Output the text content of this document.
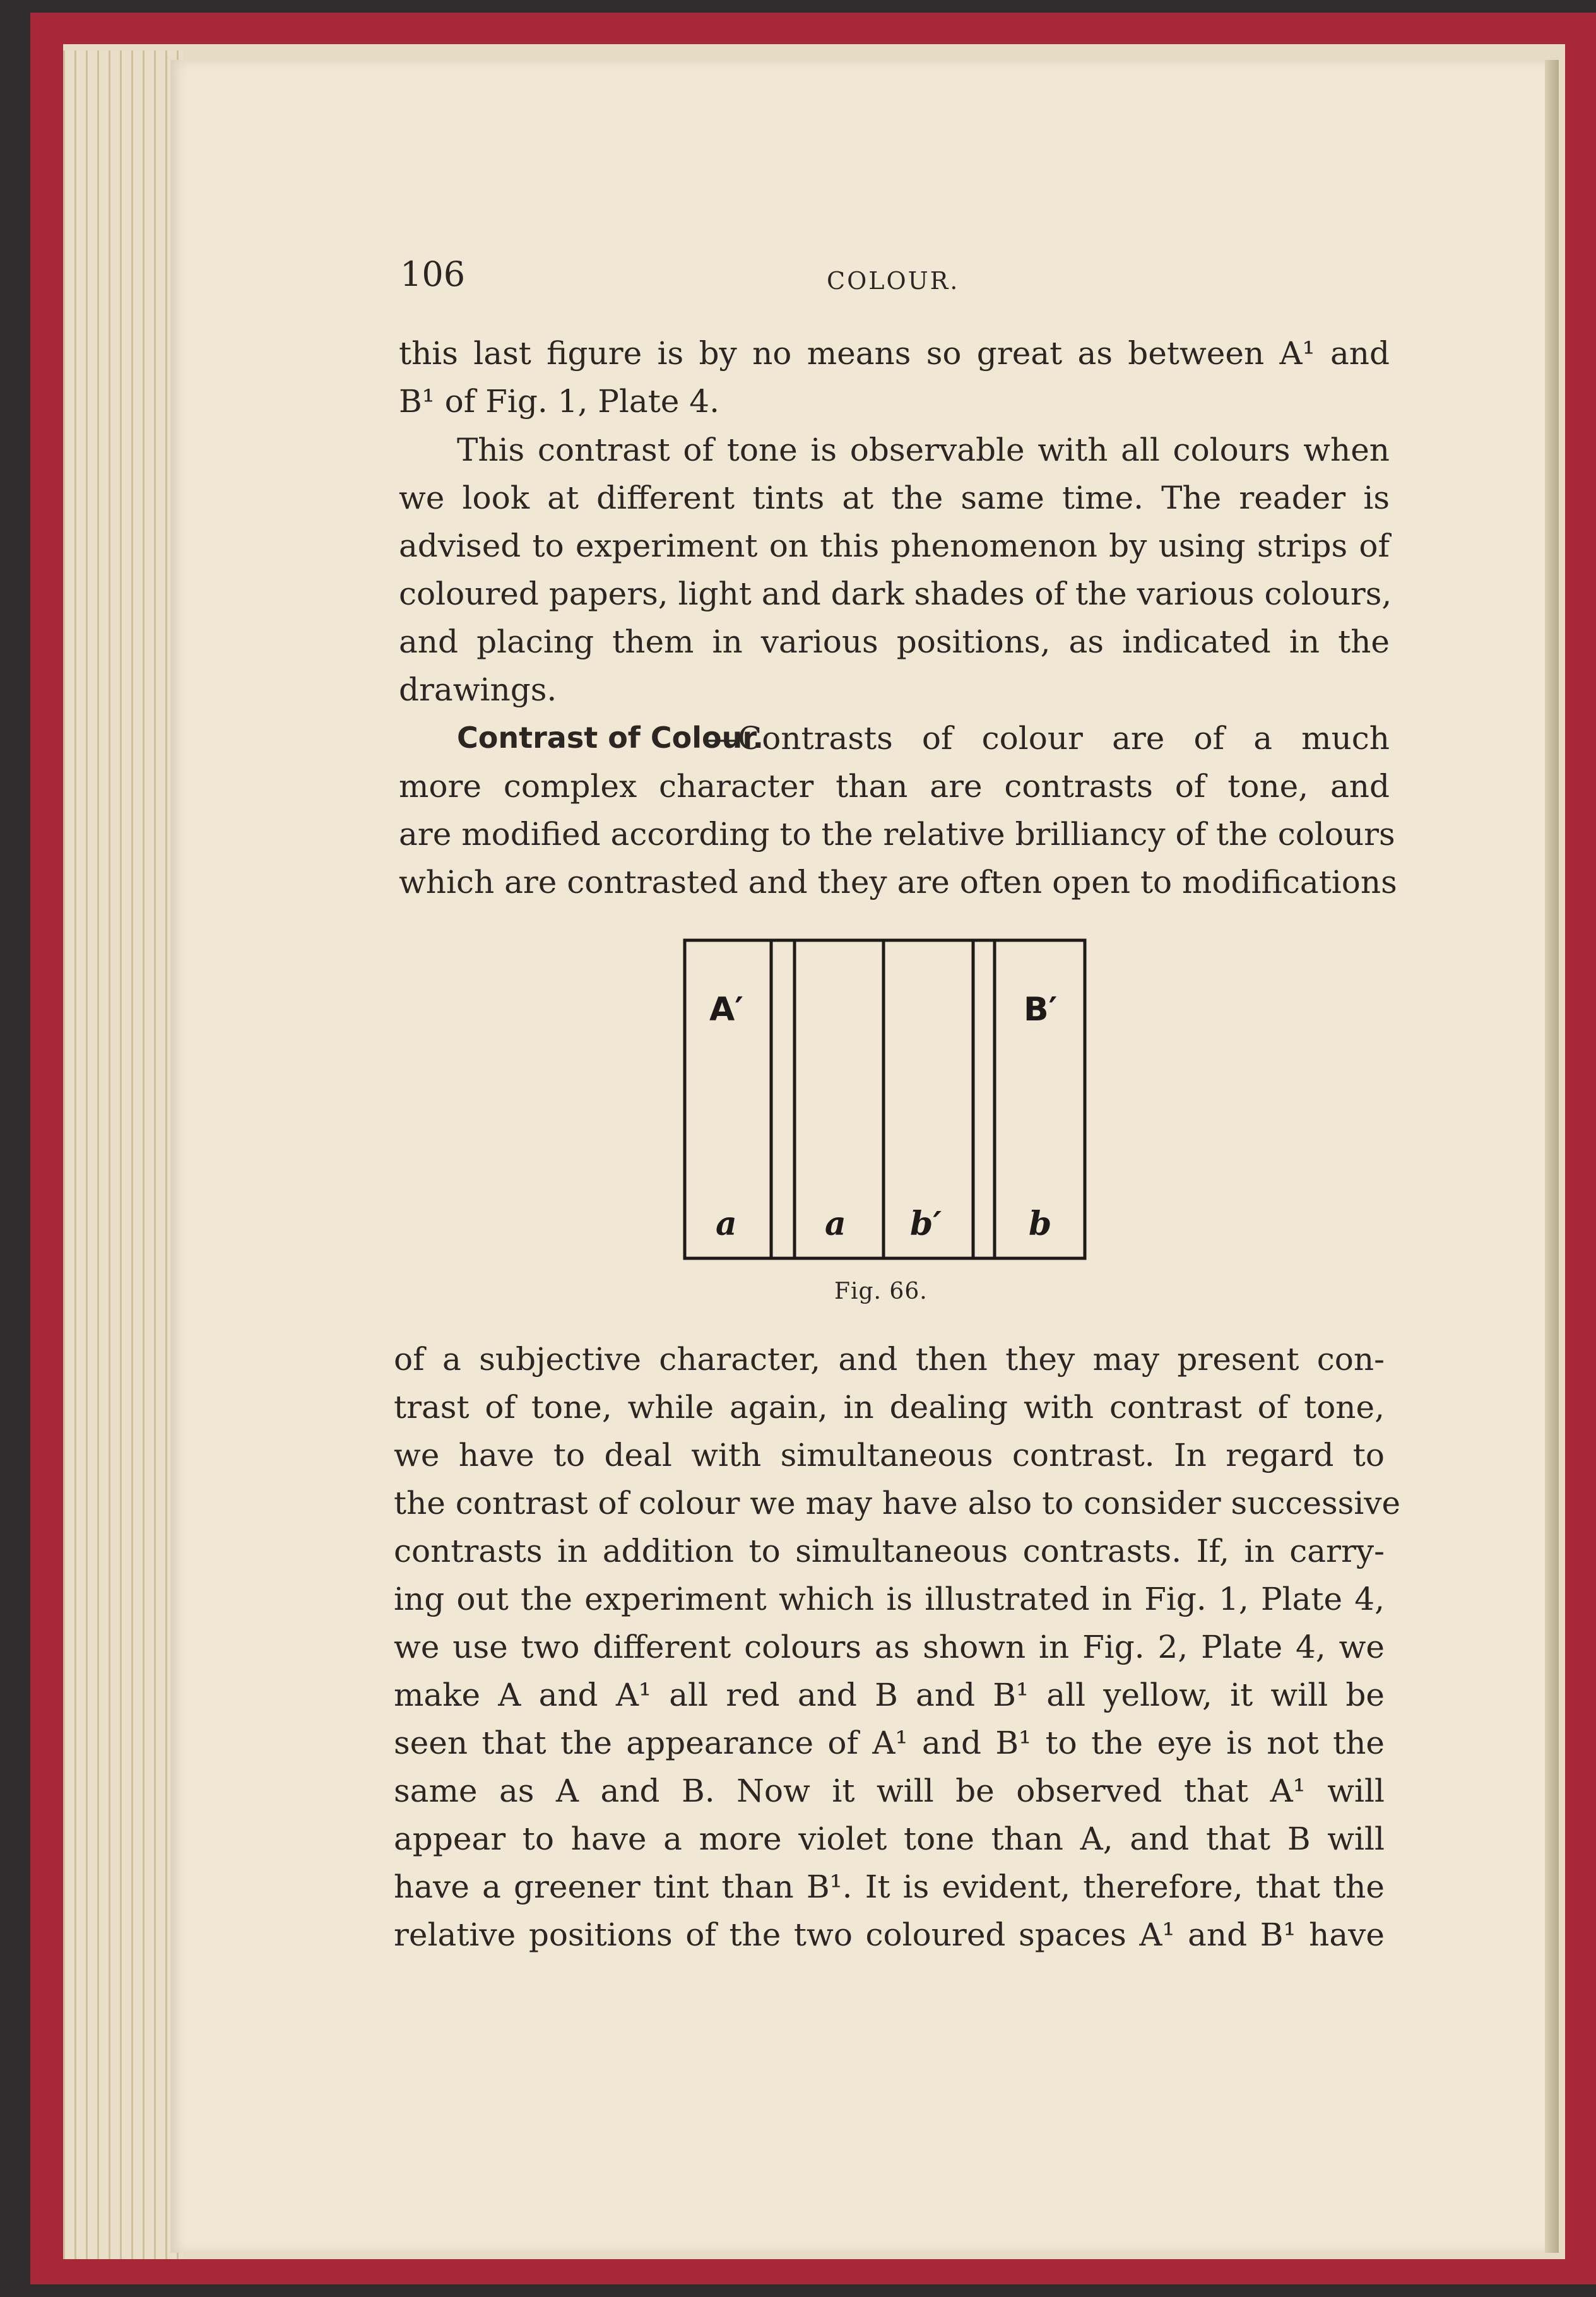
106	COLOUR.
this last figure is by no means so great as between A¹ and
B¹ of Fig. 1, Plate 4.
This contrast of tone is observable with all colours when
we look at different tints at the same time. The reader is
advised to experiment on this phenomenon by using strips of
coloured papers, light and dark shades of the various colours,
and placing them in various positions, as indicated in the
drawings.
Contrast of Colour.
—Contrasts of colour are of a much
more complex character than are contrasts of tone, and
are modified according to the relative brilliancy of the colours
which are contrasted and they are often open to modifications
A′	B′
a	a b′	b
Fig. 66.
of a subjective character, and then they may present con-
trast of tone, while again, in dealing with contrast of tone,
we have to deal with simultaneous contrast. In regard to
the contrast of colour we may have also to consider successive
contrasts in addition to simultaneous contrasts. If, in carry-
ing out the experiment which is illustrated in Fig. 1, Plate 4,
we use two different colours as shown in Fig. 2, Plate 4, we
make A and A¹ all red and B and B¹ all yellow, it will be
seen that the appearance of A¹ and B¹ to the eye is not the
same as A and B. Now it will be observed that A¹ will
appear to have a more violet tone than A, and that B will
have a greener tint than B¹. It is evident, therefore, that the
relative positions of the two coloured spaces A¹ and B¹ have
